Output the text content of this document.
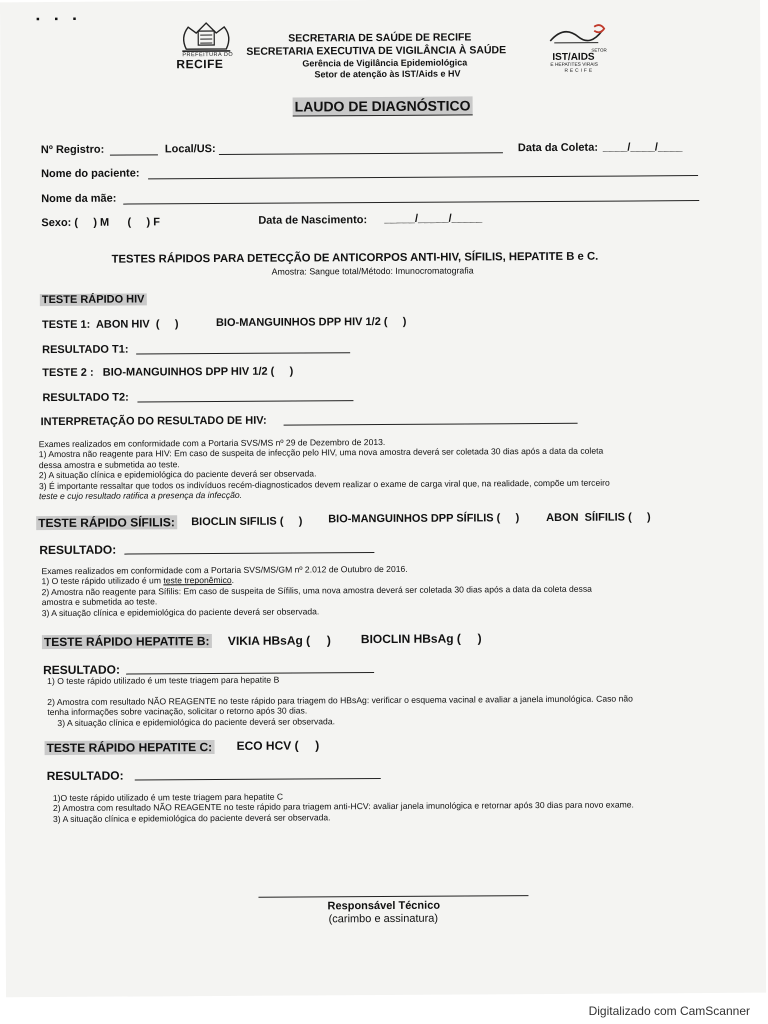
▪ ▪ ▪
PREFEITURA DO
RECIFE
SECRETARIA DE SAÚDE DE RECIFE
SECRETARIA EXECUTIVA DE VIGILÂNCIA À SAÚDE
Gerência de Vigilância Epidemiológica
Setor de atenção às IST/Aids e HV
SETOR
IST/AIDS
E HEPATITES VIRAIS
RECIFE
LAUDO DE DIAGNÓSTICO
Nº Registro:	Local/US:	Data da Coleta: ____/____/____
Nome do paciente:
Nome da mãe:
Sexo: (     ) M      (     ) F	Data de Nascimento: _____/_____/_____
TESTES RÁPIDOS PARA DETECÇÃO DE ANTICORPOS ANTI-HIV, SÍFILIS, HEPATITE B e C.
Amostra: Sangue total/Método: Imunocromatografia
TESTE RÁPIDO HIV
TESTE 1:  ABON HIV  (     )	BIO-MANGUINHOS DPP HIV 1/2 (     )
RESULTADO T1:
TESTE 2 :   BIO-MANGUINHOS DPP HIV 1/2 (     )
RESULTADO T2:
INTERPRETAÇÃO DO RESULTADO DE HIV:
Exames realizados em conformidade com a Portaria SVS/MS nº 29 de Dezembro de 2013.
1) Amostra não reagente para HIV: Em caso de suspeita de infecção pelo HIV, uma nova amostra deverá ser coletada 30 dias após a data da coleta
dessa amostra e submetida ao teste.
2) A situação clínica e epidemiológica do paciente deverá ser observada.
3) É importante ressaltar que todos os indivíduos recém-diagnosticados devem realizar o exame de carga viral que, na realidade, compõe um terceiro
teste e cujo resultado ratifica a presença da infecção.
TESTE RÁPIDO SÍFILIS: BIOCLIN SIFILIS (     ) BIO-MANGUINHOS DPP SÍFILIS (     ) ABON  SÍIFILIS (     )
RESULTADO:
Exames realizados em conformidade com a Portaria SVS/MS/GM nº 2.012 de Outubro de 2016.
1) O teste rápido utilizado é um teste treponêmico.
2) Amostra não reagente para Sífilis: Em caso de suspeita de Sífilis, uma nova amostra deverá ser coletada 30 dias após a data da coleta dessa
amostra e submetida ao teste.
3) A situação clínica e epidemiológica do paciente deverá ser observada.
TESTE RÁPIDO HEPATITE B: VIKIA HBsAg (     )	BIOCLIN HBsAg (     )
RESULTADO:
1) O teste rápido utilizado é um teste triagem para hepatite B
2) Amostra com resultado NÃO REAGENTE no teste rápido para triagem do HBsAg: verificar o esquema vacinal e avaliar a janela imunológica. Caso não
tenha informações sobre vacinação, solicitar o retorno após 30 dias.
3) A situação clínica e epidemiológica do paciente deverá ser observada.
TESTE RÁPIDO HEPATITE C: ECO HCV (     )
RESULTADO:
1)O teste rápido utilizado é um teste triagem para hepatite C
2) Amostra com resultado NÃO REAGENTE no teste rápido para triagem anti-HCV: avaliar janela imunológica e retornar após 30 dias para novo exame.
3) A situação clínica e epidemiológica do paciente deverá ser observada.
Responsável Técnico
(carimbo e assinatura)
Digitalizado com CamScanner
